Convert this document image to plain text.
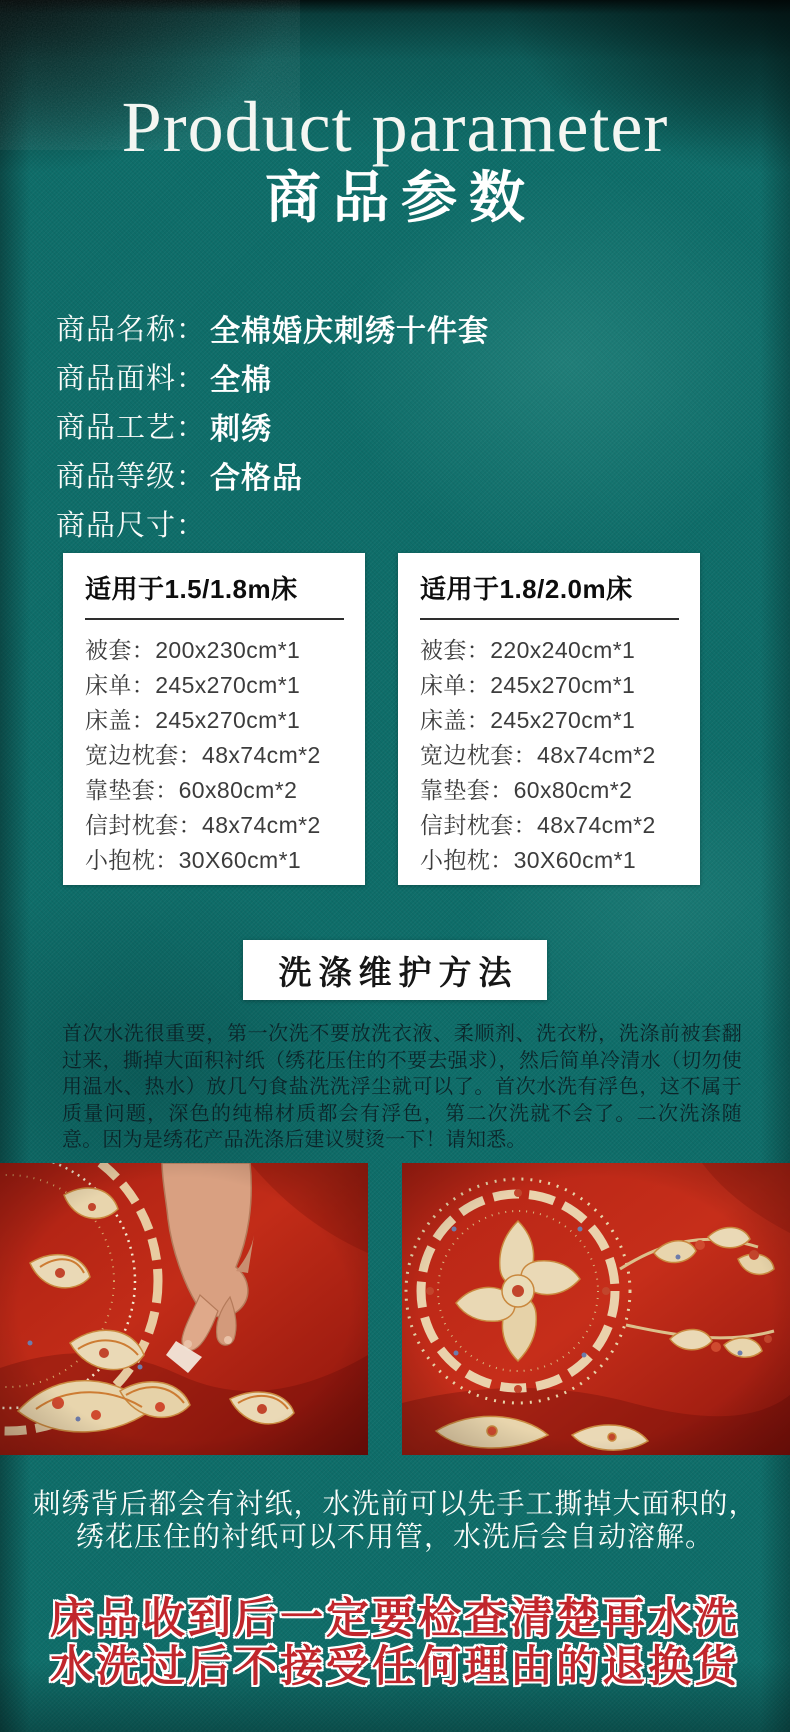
Product parameter
商品参数
商品名称： 全棉婚庆刺绣十件套
商品面料： 全棉
商品工艺： 刺绣
商品等级： 合格品
商品尺寸：
适用于1.5/1.8m床
被套：200x230cm*1
床单：245x270cm*1
床盖：245x270cm*1
宽边枕套：48x74cm*2
靠垫套：60x80cm*2
信封枕套：48x74cm*2
小抱枕：30X60cm*1
适用于1.8/2.0m床
被套：220x240cm*1
床单：245x270cm*1
床盖：245x270cm*1
宽边枕套：48x74cm*2
靠垫套：60x80cm*2
信封枕套：48x74cm*2
小抱枕：30X60cm*1
洗涤维护方法
首次水洗很重要，第一次洗不要放洗衣液、柔顺剂、洗衣粉，洗涤前被套翻过来，撕掉大面积衬纸（绣花压住的不要去强求），然后简单冷清水（切勿使用温水、热水）放几勺食盐洗洗浮尘就可以了。首次水洗有浮色，这不属于质量问题，深色的纯棉材质都会有浮色，第二次洗就不会了。二次洗涤随意。因为是绣花产品洗涤后建议熨烫一下！请知悉。
刺绣背后都会有衬纸，水洗前可以先手工撕掉大面积的，
绣花压住的衬纸可以不用管，水洗后会自动溶解。
床品收到后一定要检查清楚再水洗
水洗过后不接受任何理由的退换货
